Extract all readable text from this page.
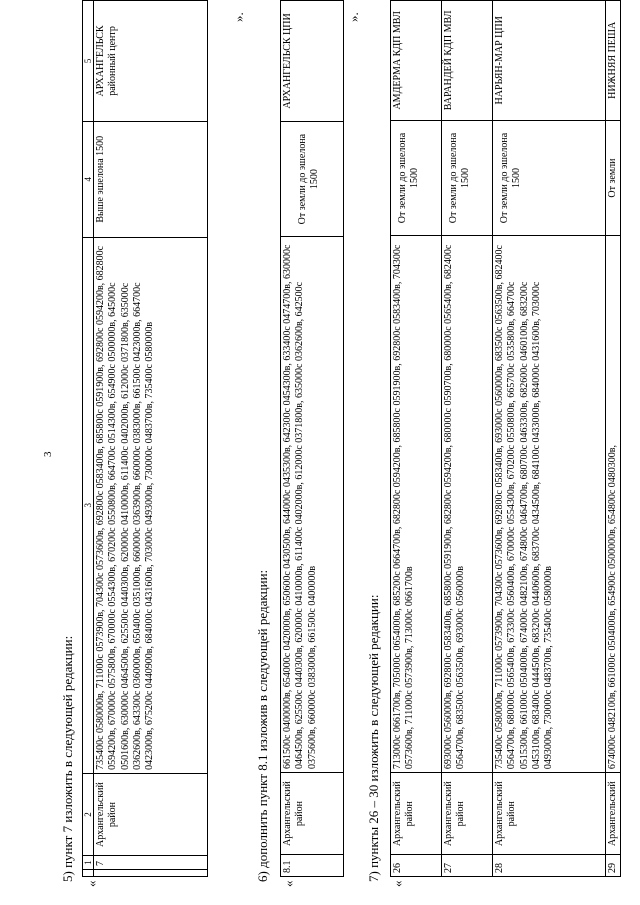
3
5) пункт 7 изложить в следующей редакции:
«
	1	2	3	4	5
	7	Архангельский район	735400с 0580000в, 711000с 0573900в, 704300с 0573600в, 692800с 0583400в, 685800с 0591900в, 692800с 0594200в, 682800с 0594200в, 670000с 0575800в, 670000с 0554300в, 670200с 0550800в, 664700с 0514300в, 654900с 0500000в, 645000с 0501600в, 630000с 0464500в, 625500с 0440300в, 620000с 0410000в, 611400с 0402000в, 612000с 0371800в, 635000с 0362600в, 643300с 0360000в, 650400с 0351000в, 660000с 0363900в, 660000с 0383000в, 661500с 0423000в, 664700с 0423000в, 675200с 0440900в, 684000с 0431600в, 703000с 0493000в, 730000с 0483700в, 735400с 0580000в	Выше эшелона 1500	АРХАНГЕЛЬСК районный центр
».
6) дополнить пункт 8.1 изложив в следующей редакции:
«
8.1	Архангельский район	661500с 0400000в, 654000с 0420000в, 650600с 0430500в, 644000с 0435300в, 642300с 0454300в, 633400с 0474700в, 630000с 0464500в, 625500с 0440300в, 620000с 0410000в, 611400с 0402000в, 612000с 0371800в, 635000с 0362600в, 642500с 0375600в, 660000с 0383000в, 661500с 0400000в	От земли до эшелона 1500	АРХАНГЕЛЬСК ЦПИ	».
7) пункты 26 – 30 изложить в следующей редакции:
«
26	Архангельский район	713000с 0661700в, 705000с 0654000в, 685200с 0664700в, 682800с 0594200в, 685800с 0591900в, 692800с 0583400в, 704300с 0573600в, 711000с 0573900в, 713000с 0661700в	От земли до эшелона 1500	АМДЕРМА КДП МВЛ
27	Архангельский район	693000с 0560000в, 692800с 0583400в, 685800с 0591900в, 682800с 0594200в, 680000с 0590700в, 680000с 0565400в, 682400с 0564700в, 683500с 0563500в, 693000с 0560000в	От земли до эшелона 1500	ВАРАНДЕЙ КДП МВЛ
28	Архангельский район	735400с 0580000в, 711000с 0573900в, 704300с 0573600в, 692800с 0583400в, 693000с 0560000в, 683500с 0563500в, 682400с 0564700в, 680000с 0565400в, 673300с 0560400в, 670000с 0554300в, 670200с 0550800в, 665700с 0535800в, 664700с 0515300в, 661000с 0504000в, 674000с 0482100в, 674800с 0464700в, 680700с 0463300в, 682600с 0460100в, 683200с 0453100в, 683400с 0444500в, 683200с 0440600в, 683700с 0434500в, 684100с 0433000в, 684000с 0431600в, 703000с 0493000в, 730000с 0483700в, 735400с 0580000в	От земли до эшелона 1500	НАРЬЯН-МАР ЦПИ
29	Архангельский	674000с 0482100в, 661000с 0504000в, 654900с 0500000в, 654800с 0480300в,	От земли	НИЖНЯЯ ПЕША
